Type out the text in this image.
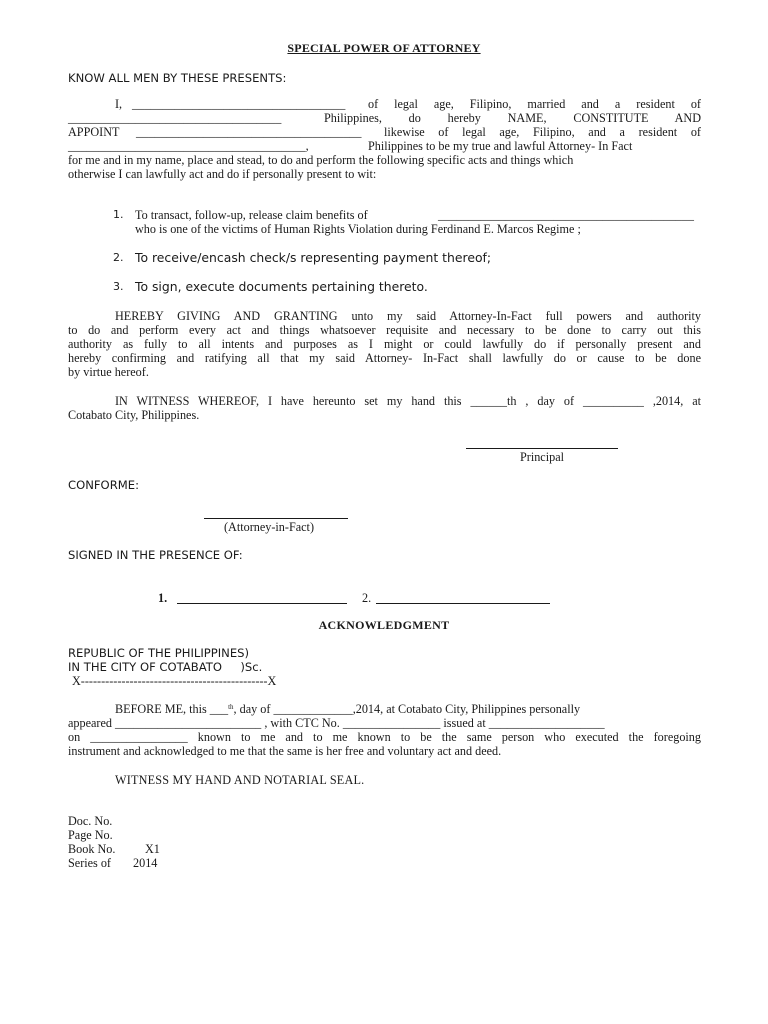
SPECIAL POWER OF ATTORNEY
KNOW ALL MEN BY THESE PRESENTS:
I, ___________________________________ of legal age, Filipino, married and a resident of
___________________________________	Philippines, do hereby NAME, CONSTITUTE AND
APPOINT _____________________________________ likewise of legal age, Filipino, and a resident of
_______________________________________,	Philippines to be my true and lawful Attorney- In Fact
for me and in my name, place and stead, to do and perform the following specific acts and things which
otherwise I can lawfully act and do if personally present to wit:
1. To transact, follow-up, release claim benefits of	__________________________________________
who is one of the victims of Human Rights Violation during Ferdinand E. Marcos Regime ;
2. To receive/encash check/s representing payment thereof;
3. To sign, execute documents pertaining thereto.
HEREBY GIVING AND GRANTING unto my said Attorney-In-Fact full powers and authority
to do and perform every act and things whatsoever requisite and necessary to be done to carry out this
authority as fully to all intents and purposes as I might or could lawfully do if personally present and
hereby confirming and ratifying all that my said Attorney- In-Fact shall lawfully do or cause to be done
by virtue hereof.
IN WITNESS WHEREOF, I have hereunto set my hand this ______th , day of __________ ,2014, at
Cotabato City, Philippines.
Principal
CONFORME:
(Attorney-in-Fact)
SIGNED IN THE PRESENCE OF:
1.	2.
ACKNOWLEDGMENT
REPUBLIC OF THE PHILIPPINES)
IN THE CITY OF COTABATO     )Sc.
X----------------------------------------------X
BEFORE ME, this ___$^{th}$, day of _____________,2014, at Cotabato City, Philippines personally
appeared ________________________ , with CTC No. ________________ issued at ___________________
on ________________ known to me and to me known to be the same person who executed the foregoing
instrument and acknowledged to me that the same is her free and voluntary act and deed.
WITNESS MY HAND AND NOTARIAL SEAL.
Doc. No.
Page No.
Book No. X1
Series of 2014
